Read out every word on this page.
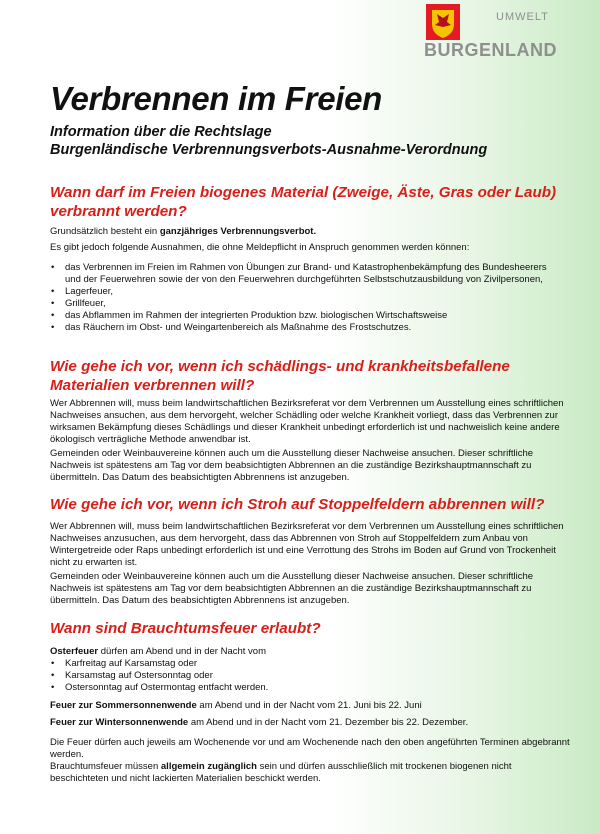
UMWELT
BURGENLAND
Verbrennen im Freien
Information über die Rechtslage
Burgenländische Verbrennungsverbots-Ausnahme-Verordnung
Wann darf im Freien biogenes Material (Zweige, Äste, Gras oder Laub) verbrannt werden?

Grundsätzlich besteht ein ganzjähriges Verbrennungsverbot.

Es gibt jedoch folgende Ausnahmen, die ohne Meldepflicht in Anspruch genommen werden können:

• das Verbrennen im Freien im Rahmen von Übungen zur Brand- und Katastrophenbekämpfung des Bundesheerers und der Feuerwehren sowie der von den Feuerwehren durchgeführten Selbstschutzausbildung von Zivilpersonen,
• Lagerfeuer,
• Grillfeuer,
• das Abflammen im Rahmen der integrierten Produktion bzw. biologischen Wirtschaftsweise
• das Räuchern im Obst- und Weingartenbereich als Maßnahme des Frostschutzes.
Wie gehe ich vor, wenn ich schädlings- und krankheitsbefallene Materialien verbrennen will?

Wer Abbrennen will, muss beim landwirtschaftlichen Bezirksreferat vor dem Verbrennen um Ausstellung eines schriftlichen Nachweises ansuchen, aus dem hervorgeht, welcher Schädling oder welche Krankheit vorliegt, dass das Verbrennen zur wirksamen Bekämpfung dieses Schädlings und dieser Krankheit unbedingt erforderlich ist und nachweislich keine andere ökologisch verträgliche Methode anwendbar ist.

Gemeinden oder Weinbauvereine können auch um die Ausstellung dieser Nachweise ansuchen. Dieser schriftliche Nachweis ist spätestens am Tag vor dem beabsichtigten Abbrennen an die zuständige Bezirkshauptmannschaft zu übermitteln. Das Datum des beabsichtigten Abbrennens ist anzugeben.

Wie gehe ich vor, wenn ich Stroh auf Stoppelfeldern abbrennen will?

Wer Abbrennen will, muss beim landwirtschaftlichen Bezirksreferat vor dem Verbrennen um Ausstellung eines schriftlichen Nachweises anzusuchen, aus dem hervorgeht, dass das Abbrennen von Stroh auf Stoppelfeldern zum Anbau von Wintergetreide oder Raps unbedingt erforderlich ist und eine Verrottung des Strohs im Boden auf Grund von Trockenheit nicht zu erwarten ist.

Gemeinden oder Weinbauvereine können auch um die Ausstellung dieser Nachweise ansuchen. Dieser schriftliche Nachweis ist spätestens am Tag vor dem beabsichtigten Abbrennen an die zuständige Bezirkshauptmannschaft zu übermitteln. Das Datum des beabsichtigten Abbrennens ist anzugeben.

Wann sind Brauchtumsfeuer erlaubt?

Osterfeuer dürfen am Abend und in der Nacht vom

• Karfreitag auf Karsamstag oder
• Karsamstag auf Ostersonntag oder
• Ostersonntag auf Ostermontag entfacht werden.

Feuer zur Sommersonnenwende am Abend und in der Nacht vom 21. Juni bis 22. Juni

Feuer zur Wintersonnenwende am Abend und in der Nacht vom 21. Dezember bis 22. Dezember.

Die Feuer dürfen auch jeweils am Wochenende vor und am Wochenende nach den oben angeführten Terminen abgebrannt werden.

Brauchtumsfeuer müssen allgemein zugänglich sein und dürfen ausschließlich mit trockenen biogenen nicht beschichteten und nicht lackierten Materialien beschickt werden.
